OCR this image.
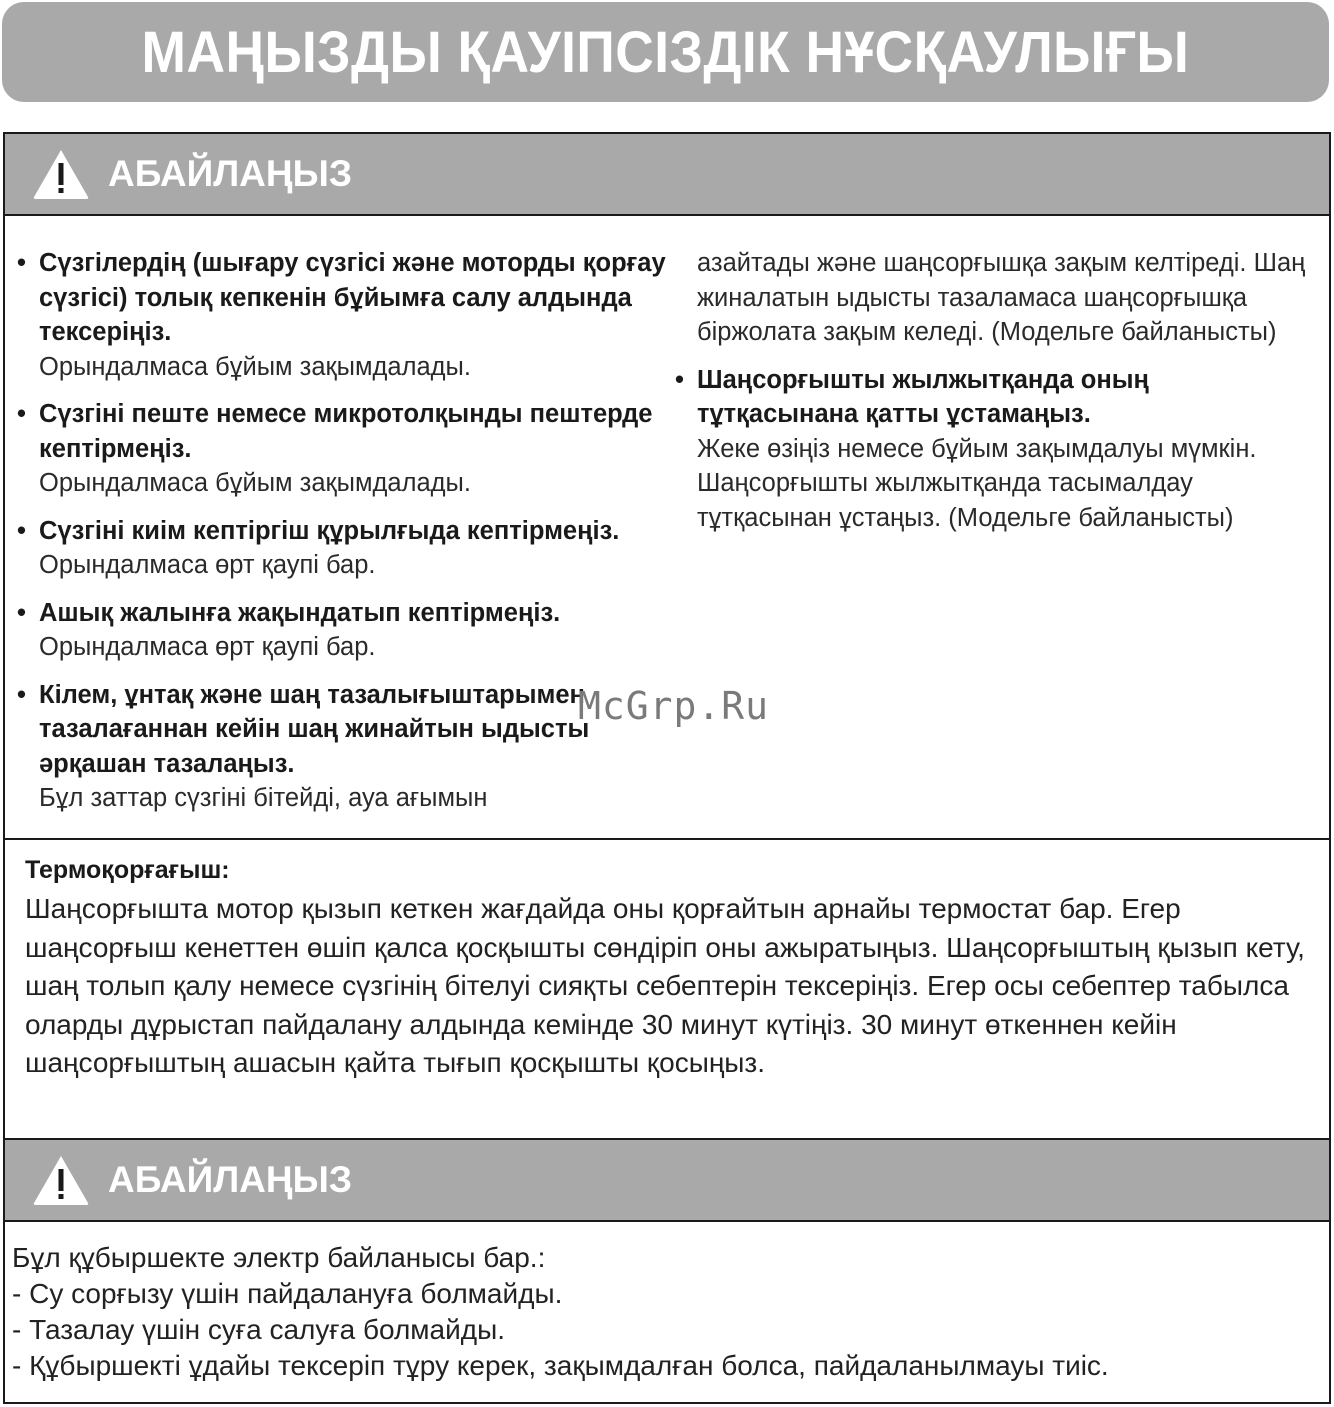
МАҢЫЗДЫ ҚАУІПСІЗДІК НҰСҚАУЛЫҒЫ
АБАЙЛАҢЫЗ
• Сүзгілердің (шығару сүзгісі және моторды қорғау сүзгісі) толық кепкенін бұйымға салу алдында тексеріңіз.
Орындалмаса бұйым зақымдалады.
• Сүзгіні пеште немесе микротолқынды пештерде кептірмеңіз.
Орындалмаса бұйым зақымдалады.
• Сүзгіні киім кептіргіш құрылғыда кептірмеңіз.
Орындалмаса өрт қаупі бар.
• Ашық жалынға жақындатып кептірмеңіз.
Орындалмаса өрт қаупі бар.
• Кілем, ұнтақ және шаң тазалығыштарымен тазалағаннан кейін шаң жинайтын ыдысты әрқашан тазалаңыз.
Бұл заттар сүзгіні бітейді, ауа ағымын
азайтады және шаңсорғышқа зақым келтіреді. Шаң жиналатын ыдысты тазаламаса шаңсорғышқа біржолата зақым келеді. (Модельге байланысты)
• Шаңсорғышты жылжытқанда оның тұтқасынана қатты ұстамаңыз.
Жеке өзіңіз немесе бұйым зақымдалуы мүмкін. Шаңсорғышты жылжытқанда тасымалдау тұтқасынан ұстаңыз. (Модельге байланысты)
McGrp.Ru
Термоқорғағыш:
Шаңсорғышта мотор қызып кеткен жағдайда оны қорғайтын арнайы термостат бар. Егер шаңсорғыш кенеттен өшіп қалса қосқышты сөндіріп оны ажыратыңыз. Шаңсорғыштың қызып кету, шаң толып қалу немесе сүзгінің бітелуі сияқты себептерін тексеріңіз. Егер осы себептер табылса оларды дұрыстап пайдалану алдында кемінде 30 минут күтіңіз. 30 минут өткеннен кейін шаңсорғыштың ашасын қайта тығып қосқышты қосыңыз.
АБАЙЛАҢЫЗ
Бұл құбыршекте электр байланысы бар.:
- Су сорғызу үшін пайдалануға болмайды.
- Тазалау үшін суға салуға болмайды.
- Құбыршекті ұдайы тексеріп тұру керек, зақымдалған болса, пайдаланылмауы тиіс.
